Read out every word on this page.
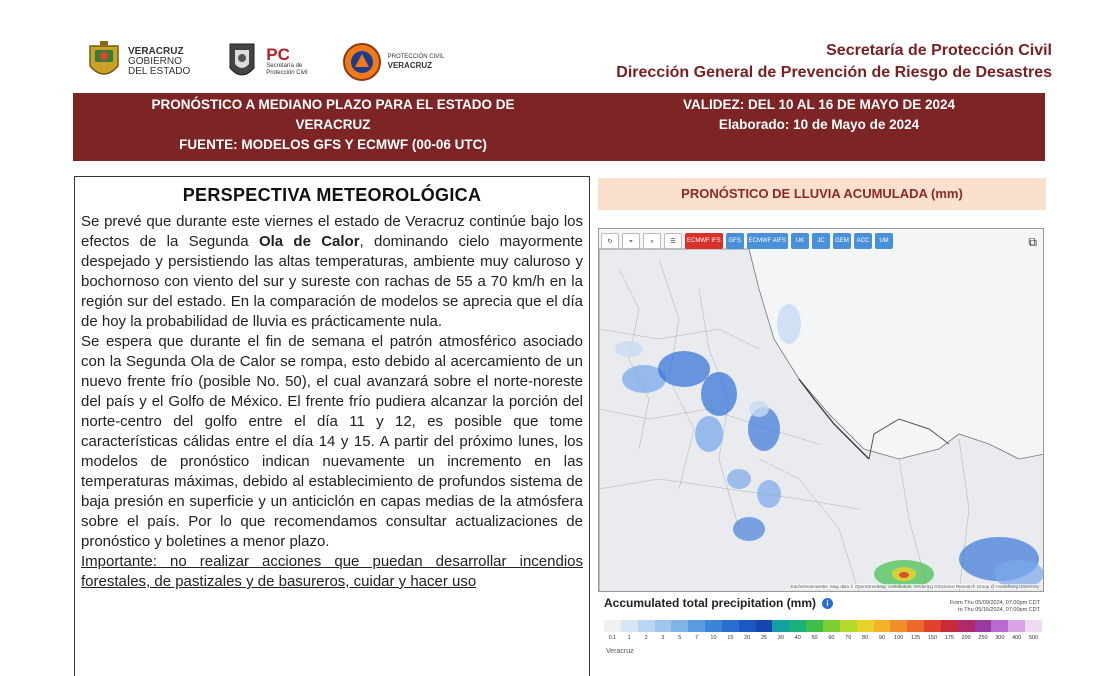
VERACRUZ
GOBIERNO
DEL ESTADO
PC
Secretaría de
Protección Civil
PROTECCIÓN CIVIL
VERACRUZ
Secretaría de Protección Civil
Dirección General de Prevención de Riesgo de Desastres
PRONÓSTICO A MEDIANO PLAZO PARA EL ESTADO DE
VERACRUZ
FUENTE: MODELOS GFS Y ECMWF (00-06 UTC)
VALIDEZ: DEL 10 AL 16 DE MAYO DE 2024
Elaborado: 10 de Mayo de 2024
PERSPECTIVA METEOROLÓGICA

Se prevé que durante este viernes el estado de Veracruz continúe bajo los efectos de la Segunda Ola de Calor, dominando cielo mayormente despejado y persistiendo las altas temperaturas, ambiente muy caluroso y bochornoso con viento del sur y sureste con rachas de 55 a 70 km/h en la región sur del estado. En la comparación de modelos se aprecia que el día de hoy la probabilidad de lluvia es prácticamente nula.

Se espera que durante el fin de semana el patrón atmosférico asociado con la Segunda Ola de Calor se rompa, esto debido al acercamiento de un nuevo frente frío (posible No. 50), el cual avanzará sobre el norte-noreste del país y el Golfo de México. El frente frío pudiera alcanzar la porción del norte-centro del golfo entre el día 11 y 12, es posible que tome características cálidas entre el día 14 y 15. A partir del próximo lunes, los modelos de pronóstico indican nuevamente un incremento en las temperaturas máximas, debido al establecimiento de profundos sistema de baja presión en superficie y un anticiclón en capas medias de la atmósfera sobre el país. Por lo que recomendamos consultar actualizaciones de pronóstico y boletines a menor plazo.

Importante: no realizar acciones que puedan desarrollar incendios forestales, de pastizales y de basureros, cuidar y hacer uso

PRONÓSTICO DE LLUVIA ACUMULADA (mm)
↻	⌖	⌕	☰	ECMWF IFS	GFS	ECMWF AIFS	UK	JC	GEM	ACC	UM	⧉
Kachelmannwetter. Map data © OpenStreetMap contributors, rendering GIScience Research Group @ Heidelberg University
Accumulated total precipitation (mm)	i	From Thu 05/09/2024, 07:00pm CDT
to Thu 05/16/2024, 07:00pm CDT
0.1	1	2	3	5	7	10	15	20	25	30	40	50	60	70	80	90	100	125	150	175	200	250	300	400	500
Veracruz
